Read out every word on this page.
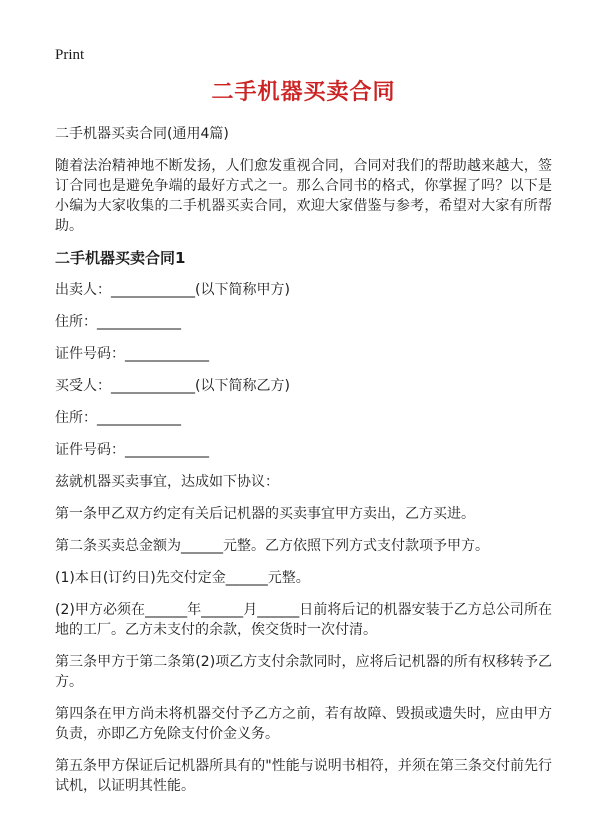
Print
二手机器买卖合同

二手机器买卖合同(通用4篇)

随着法治精神地不断发扬，人们愈发重视合同，合同对我们的帮助越来越大，签订合同也是避免争端的最好方式之一。那么合同书的格式，你掌握了吗？以下是小编为大家收集的二手机器买卖合同，欢迎大家借鉴与参考，希望对大家有所帮助。

二手机器买卖合同1

出卖人：____________(以下简称甲方)

住所：____________

证件号码：____________

买受人：____________(以下简称乙方)

住所：____________

证件号码：____________

兹就机器买卖事宜，达成如下协议：

第一条甲乙双方约定有关后记机器的买卖事宜甲方卖出，乙方买进。

第二条买卖总金额为______元整。乙方依照下列方式支付款项予甲方。

(1)本日(订约日)先交付定金______元整。

(2)甲方必须在______年______月______日前将后记的机器安装于乙方总公司所在地的工厂。乙方未支付的余款，俟交货时一次付清。

第三条甲方于第二条第(2)项乙方支付余款同时，应将后记机器的所有权移转予乙方。

第四条在甲方尚未将机器交付予乙方之前，若有故障、毁损或遗失时，应由甲方负责，亦即乙方免除支付价金义务。

第五条甲方保证后记机器所具有的"性能与说明书相符，并须在第三条交付前先行试机，以证明其性能。
